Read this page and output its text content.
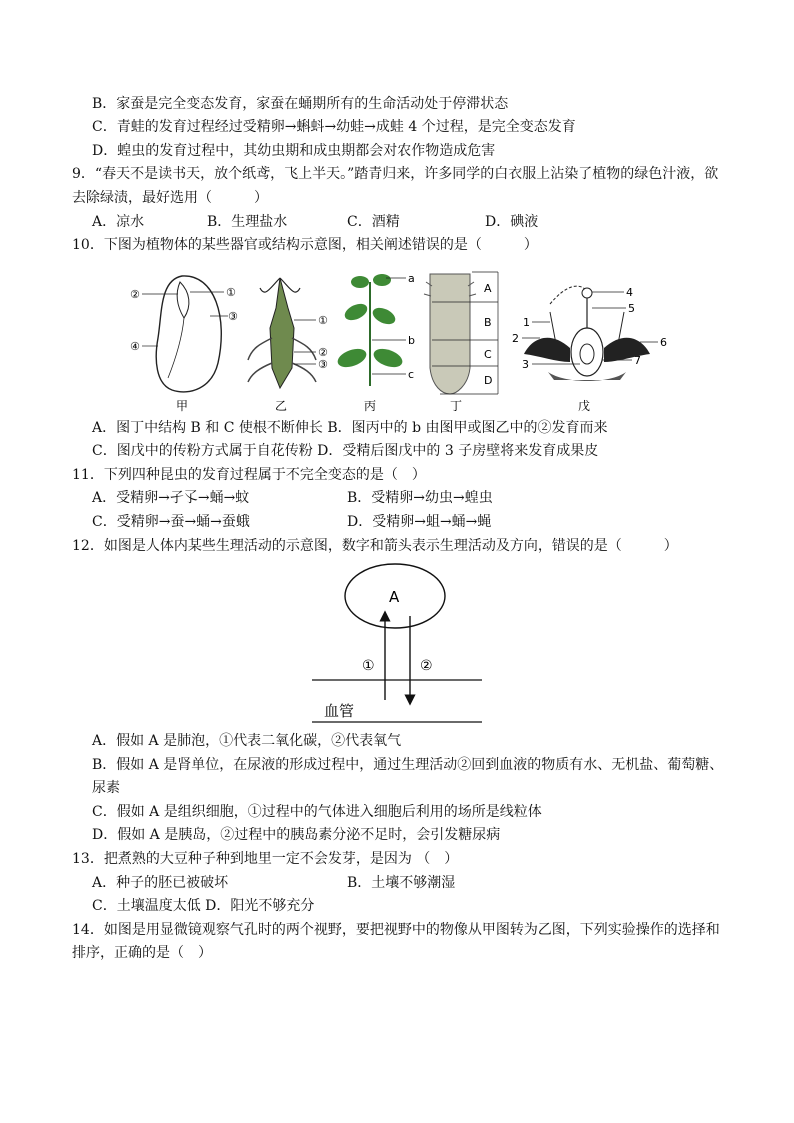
B．家蚕是完全变态发育，家蚕在蛹期所有的生命活动处于停滞状态
C．青蛙的发育过程经过受精卵→蝌蚪→幼蛙→成蛙 4 个过程，是完全变态发育
D．蝗虫的发育过程中，其幼虫期和成虫期都会对农作物造成危害
9．“春天不是读书天，放个纸鸢，飞上半天。”踏青归来，许多同学的白衣服上沾染了植物的绿色汁液，欲
去除绿渍，最好选用（　　　）
A．凉水	B．生理盐水	C．酒精	D．碘液
10．下图为植物体的某些器官或结构示意图，相关阐述错误的是（　　　）
②	①
③
④
甲
①
②
③
乙
a
b
c
丙
A
B
C
D
丁
4
5
1
2
3
6
7
戊
A．图丁中结构 B 和 C 使根不断伸长 B．图丙中的 b 由图甲或图乙中的②发育而来
C．图戊中的传粉方式属于自花传粉 D．受精后图戊中的 3 子房壁将来发育成果皮
11．下列四种昆虫的发育过程属于不完全变态的是（　）
A．受精卵→孑孓→蛹→蚊	B．受精卵→幼虫→蝗虫
C．受精卵→蚕→蛹→蚕蛾	D．受精卵→蛆→蛹→蝇
12．如图是人体内某些生理活动的示意图，数字和箭头表示生理活动及方向，错误的是（　　　）
A
①	②
血管
A．假如 A 是肺泡，①代表二氧化碳，②代表氧气
B．假如 A 是肾单位，在尿液的形成过程中，通过生理活动②回到血液的物质有水、无机盐、葡萄糖、
尿素
C．假如 A 是组织细胞，①过程中的气体进入细胞后利用的场所是线粒体
D．假如 A 是胰岛，②过程中的胰岛素分泌不足时，会引发糖尿病
13．把煮熟的大豆种子种到地里一定不会发芽，是因为 （　）
A．种子的胚已被破坏	B．土壤不够潮湿
C．土壤温度太低 D．阳光不够充分
14．如图是用显微镜观察气孔时的两个视野，要把视野中的物像从甲图转为乙图，下列实验操作的选择和
排序，正确的是（　）
